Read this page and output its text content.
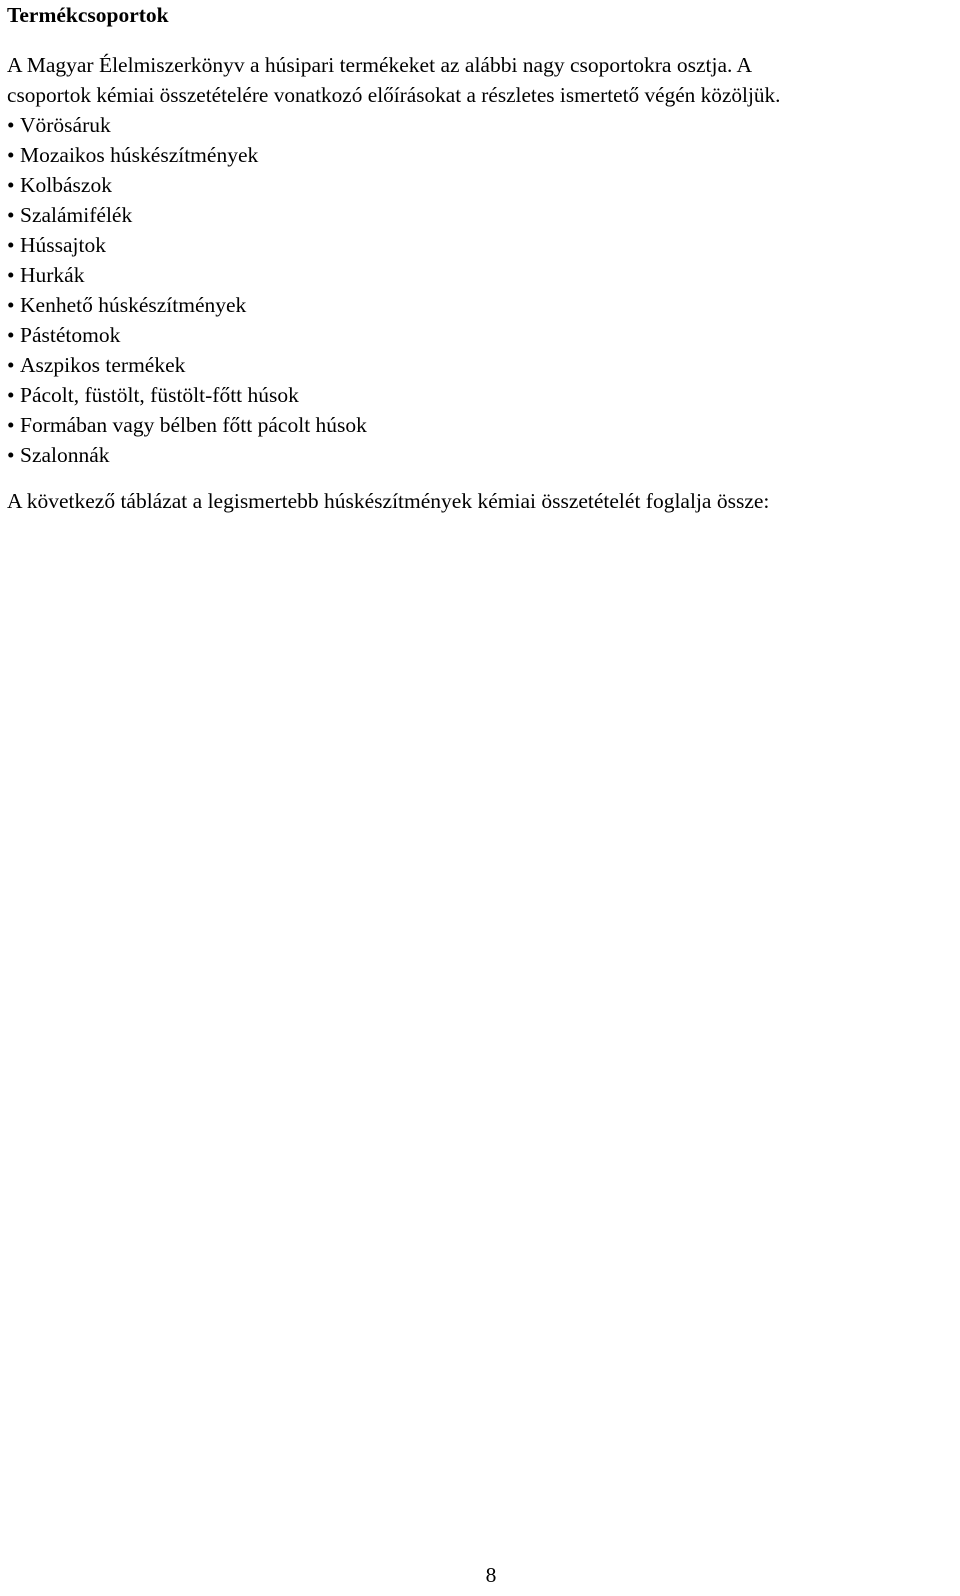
Termékcsoportok
A Magyar Élelmiszerkönyv a húsipari termékeket az alábbi nagy csoportokra osztja. A
csoportok kémiai összetételére vonatkozó előírásokat a részletes ismertető végén közöljük.
• Vörösáruk
• Mozaikos húskészítmények
• Kolbászok
• Szalámifélék
• Hússajtok
• Hurkák
• Kenhető húskészítmények
• Pástétomok
• Aszpikos termékek
• Pácolt, füstölt, füstölt-főtt húsok
• Formában vagy bélben főtt pácolt húsok
• Szalonnák
A következő táblázat a legismertebb húskészítmények kémiai összetételét foglalja össze:
8
